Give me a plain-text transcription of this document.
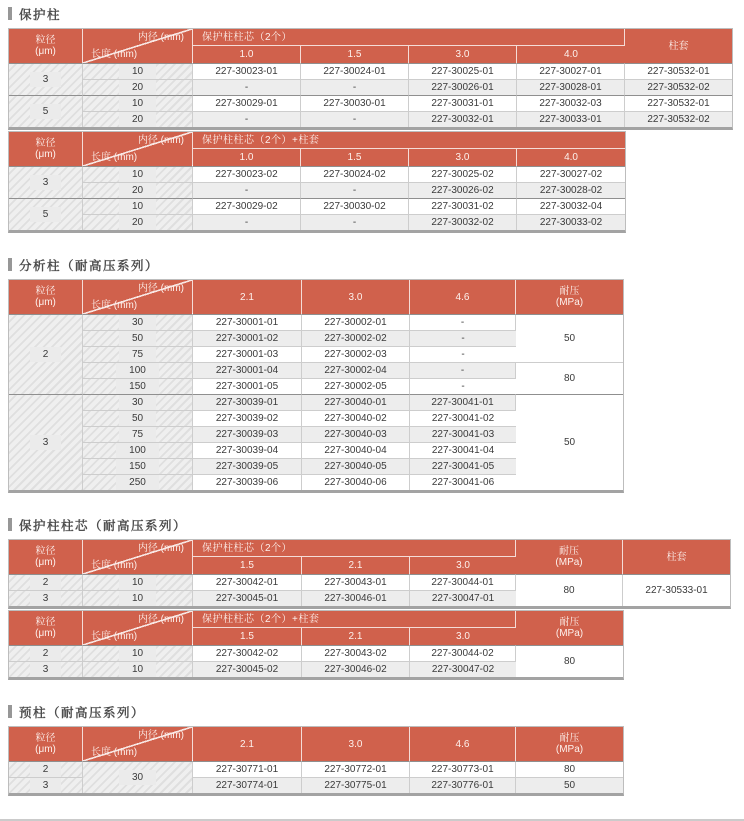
保护柱
粒径
(μm)	内径 (mm)
长度 (mm)	保护柱柱芯（2个）				柱套
		1.0	1.5	3.0	4.0	
3	10	227-30023-01	227-30024-01	227-30025-01	227-30027-01	227-30532-01
	20	-	-	227-30026-01	227-30028-01	227-30532-02
5	10	227-30029-01	227-30030-01	227-30031-01	227-30032-03	227-30532-01
	20	-	-	227-30032-01	227-30033-01	227-30532-02
粒径
(μm)	内径 (mm)
长度 (mm)	保护柱柱芯（2个）+柱套			
		1.0	1.5	3.0	4.0
3	10	227-30023-02	227-30024-02	227-30025-02	227-30027-02
	20	-	-	227-30026-02	227-30028-02
5	10	227-30029-02	227-30030-02	227-30031-02	227-30032-04
	20	-	-	227-30032-02	227-30033-02
分析柱（耐高压系列）
粒径
(μm)	内径 (mm)
长度 (mm)	2.1	3.0	4.6	耐压
(MPa)
2	30	227-30001-01	227-30002-01	-	50
	50	227-30001-02	227-30002-02	-	
	75	227-30001-03	227-30002-03	-	
	100	227-30001-04	227-30002-04	-	80
	150	227-30001-05	227-30002-05	-	
3	30	227-30039-01	227-30040-01	227-30041-01	50
	50	227-30039-02	227-30040-02	227-30041-02	
	75	227-30039-03	227-30040-03	227-30041-03	
	100	227-30039-04	227-30040-04	227-30041-04	
	150	227-30039-05	227-30040-05	227-30041-05	
	250	227-30039-06	227-30040-06	227-30041-06	
保护柱柱芯（耐高压系列）
粒径
(μm)	内径 (mm)
长度 (mm)	保护柱柱芯（2个）			耐压
(MPa)	柱套
		1.5	2.1	3.0		
2	10	227-30042-01	227-30043-01	227-30044-01	80	227-30533-01
3	10	227-30045-01	227-30046-01	227-30047-01		
粒径
(μm)	内径 (mm)
长度 (mm)	保护柱柱芯（2个）+柱套			耐压
(MPa)
		1.5	2.1	3.0	
2	10	227-30042-02	227-30043-02	227-30044-02	80
3	10	227-30045-02	227-30046-02	227-30047-02	
预柱（耐高压系列）
粒径
(μm)	内径 (mm)
长度 (mm)	2.1	3.0	4.6	耐压
(MPa)
2	30	227-30771-01	227-30772-01	227-30773-01	80
3		227-30774-01	227-30775-01	227-30776-01	50
